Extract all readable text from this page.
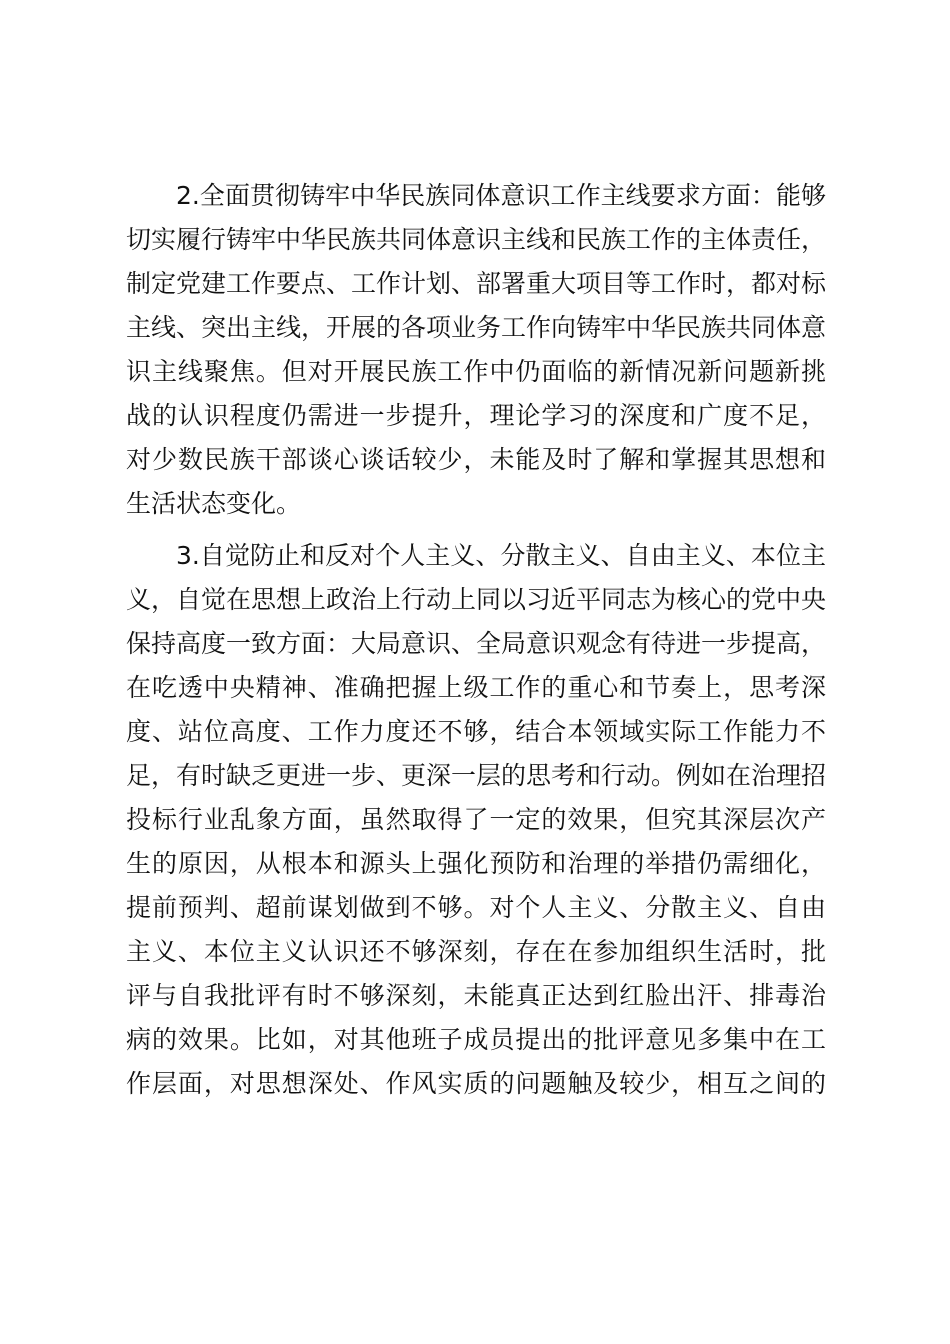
2.全面贯彻铸牢中华民族同体意识工作主线要求方面：能够
切实履行铸牢中华民族共同体意识主线和民族工作的主体责任，
制定党建工作要点、工作计划、部署重大项目等工作时，都对标
主线、突出主线，开展的各项业务工作向铸牢中华民族共同体意
识主线聚焦。但对开展民族工作中仍面临的新情况新问题新挑
战的认识程度仍需进一步提升，理论学习的深度和广度不足，
对少数民族干部谈心谈话较少，未能及时了解和掌握其思想和
生活状态变化。
3.自觉防止和反对个人主义、分散主义、自由主义、本位主
义，自觉在思想上政治上行动上同以习近平同志为核心的党中央
保持高度一致方面：大局意识、全局意识观念有待进一步提高，
在吃透中央精神、准确把握上级工作的重心和节奏上，思考深
度、站位高度、工作力度还不够，结合本领域实际工作能力不
足，有时缺乏更进一步、更深一层的思考和行动。例如在治理招
投标行业乱象方面，虽然取得了一定的效果，但究其深层次产
生的原因，从根本和源头上强化预防和治理的举措仍需细化，
提前预判、超前谋划做到不够。对个人主义、分散主义、自由
主义、本位主义认识还不够深刻，存在在参加组织生活时，批
评与自我批评有时不够深刻，未能真正达到红脸出汗、排毒治
病的效果。比如，对其他班子成员提出的批评意见多集中在工
作层面，对思想深处、作风实质的问题触及较少，相互之间的
